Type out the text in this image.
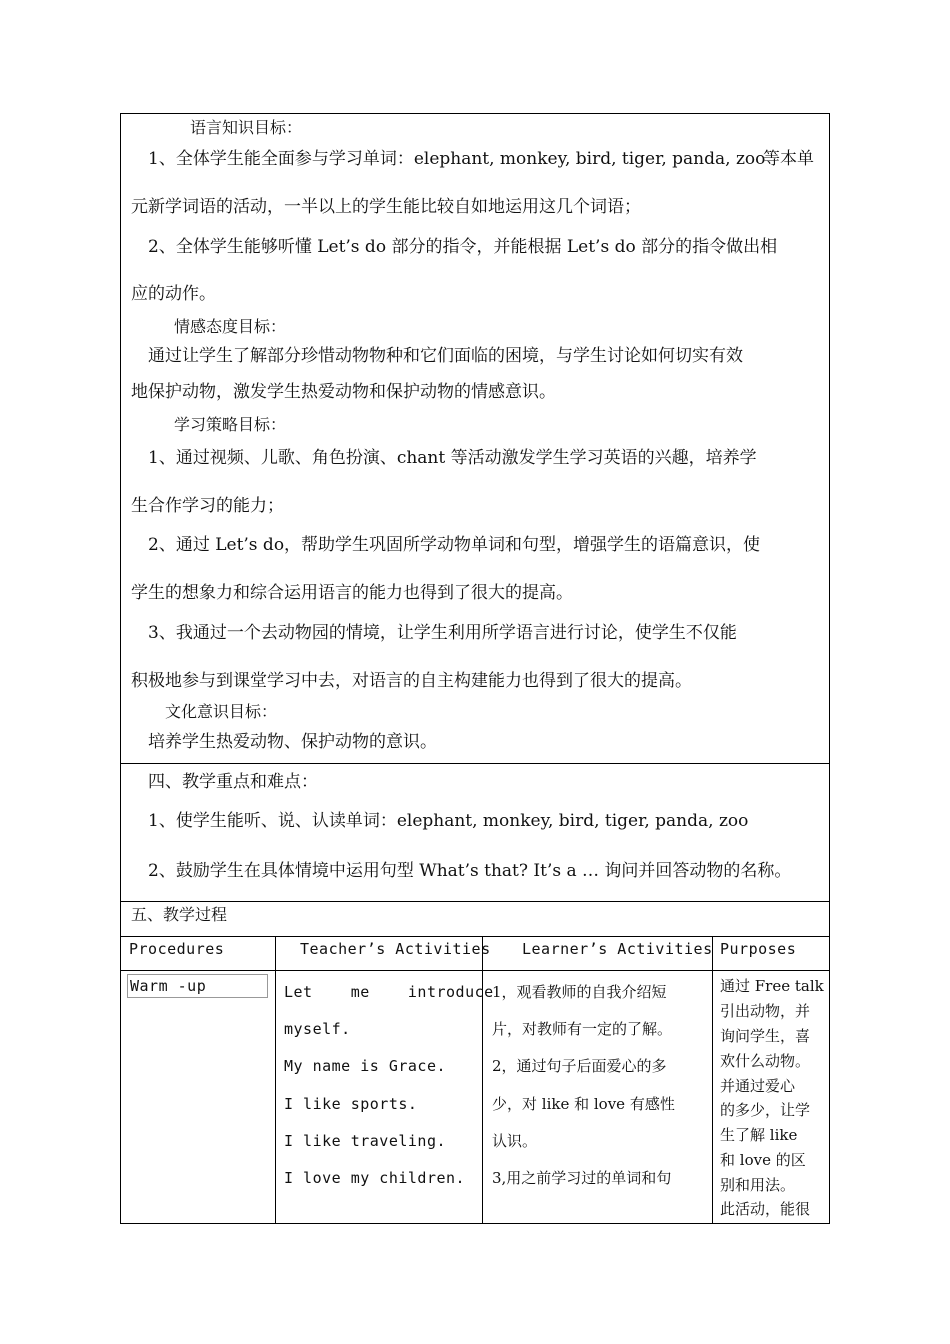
语言知识目标：
1、全体学生能全面参与学习单词：elephant, monkey, bird, tiger, panda, zoo
等本单
元新学词语的活动，一半以上的学生能比较自如地运用这几个词语；
2、全体学生能够听懂 Let’s do 部分的指令，并能根据 Let’s do 部分的指令做出相
应的动作。
情感态度目标：
通过让学生了解部分珍惜动物物种和它们面临的困境，与学生讨论如何切实有效
地保护动物，激发学生热爱动物和保护动物的情感意识。
学习策略目标：
1、通过视频、儿歌、角色扮演、chant 等活动激发学生学习英语的兴趣，培养学
生合作学习的能力；
2、通过 Let’s do，帮助学生巩固所学动物单词和句型，增强学生的语篇意识，使
学生的想象力和综合运用语言的能力也得到了很大的提高。
3、我通过一个去动物园的情境，让学生利用所学语言进行讨论，使学生不仅能
积极地参与到课堂学习中去，对语言的自主构建能力也得到了很大的提高。
文化意识目标：
培养学生热爱动物、保护动物的意识。
四、教学重点和难点：
1、使学生能听、说、认读单词：elephant, monkey, bird, tiger, panda, zoo
2、鼓励学生在具体情境中运用句型 What’s that? It’s a … 询问并回答动物的名称。
五、教学过程
Procedures	Teacher’s Activities Learner’s Activities Purposes
Warm -up	Let    me    introduce
myself.
My name is Grace.
I like sports.
I like traveling.
I love my children.
1，观看教师的自我介绍短
片，对教师有一定的了解。
2，通过句子后面爱心的多
少，对 like 和 love 有感性
认识。
3,用之前学习过的单词和句
通过 Free talk
引出动物，并
询问学生，喜
欢什么动物。
并通过爱心
的多少，让学
生了解 like
和 love 的区
别和用法。
此活动，能很
